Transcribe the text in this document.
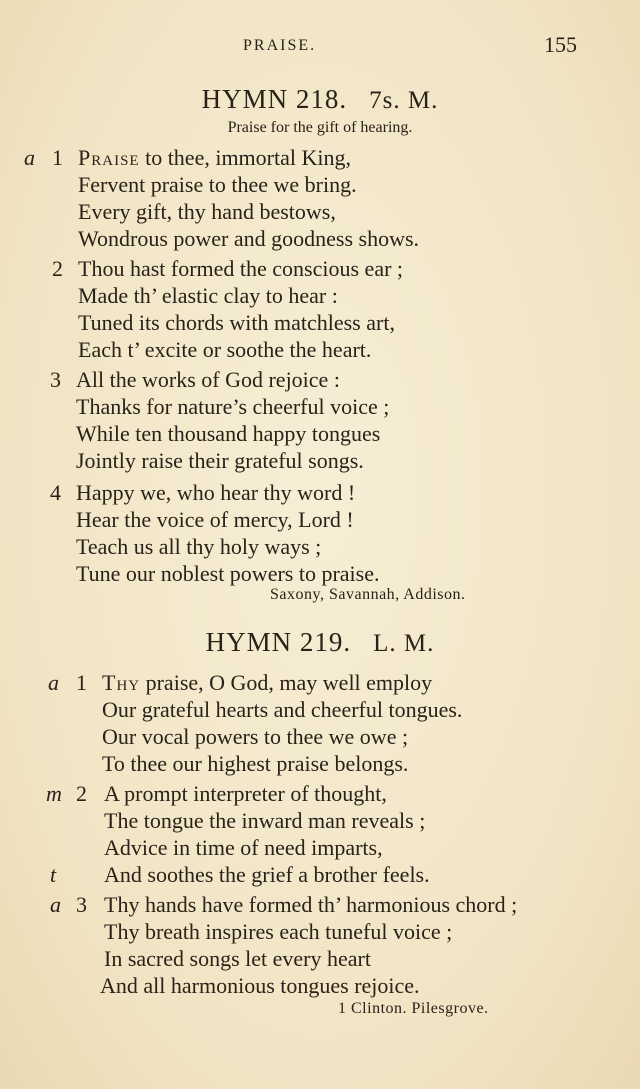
PRAISE.	155
HYMN 218. 7s. M.
Praise for the gift of hearing.
a 1 Praise to thee, immortal King,
Fervent praise to thee we bring.
Every gift, thy hand bestows,
Wondrous power and goodness shows.
2 Thou hast formed the conscious ear ;
Made th’ elastic clay to hear :
Tuned its chords with matchless art,
Each t’ excite or soothe the heart.
3 All the works of God rejoice :
Thanks for nature’s cheerful voice ;
While ten thousand happy tongues
Jointly raise their grateful songs.
4 Happy we, who hear thy word !
Hear the voice of mercy, Lord !
Teach us all thy holy ways ;
Tune our noblest powers to praise.
Saxony, Savannah, Addison.
HYMN 219. L. M.
a 1 Thy praise, O God, may well employ
Our grateful hearts and cheerful tongues.
Our vocal powers to thee we owe ;
To thee our highest praise belongs.
m 2 A prompt interpreter of thought,
The tongue the inward man reveals ;
Advice in time of need imparts,
t And soothes the grief a brother feels.
a 3 Thy hands have formed th’ harmonious chord ;
Thy breath inspires each tuneful voice ;
In sacred songs let every heart
And all harmonious tongues rejoice.
1 Clinton. Pilesgrove.
